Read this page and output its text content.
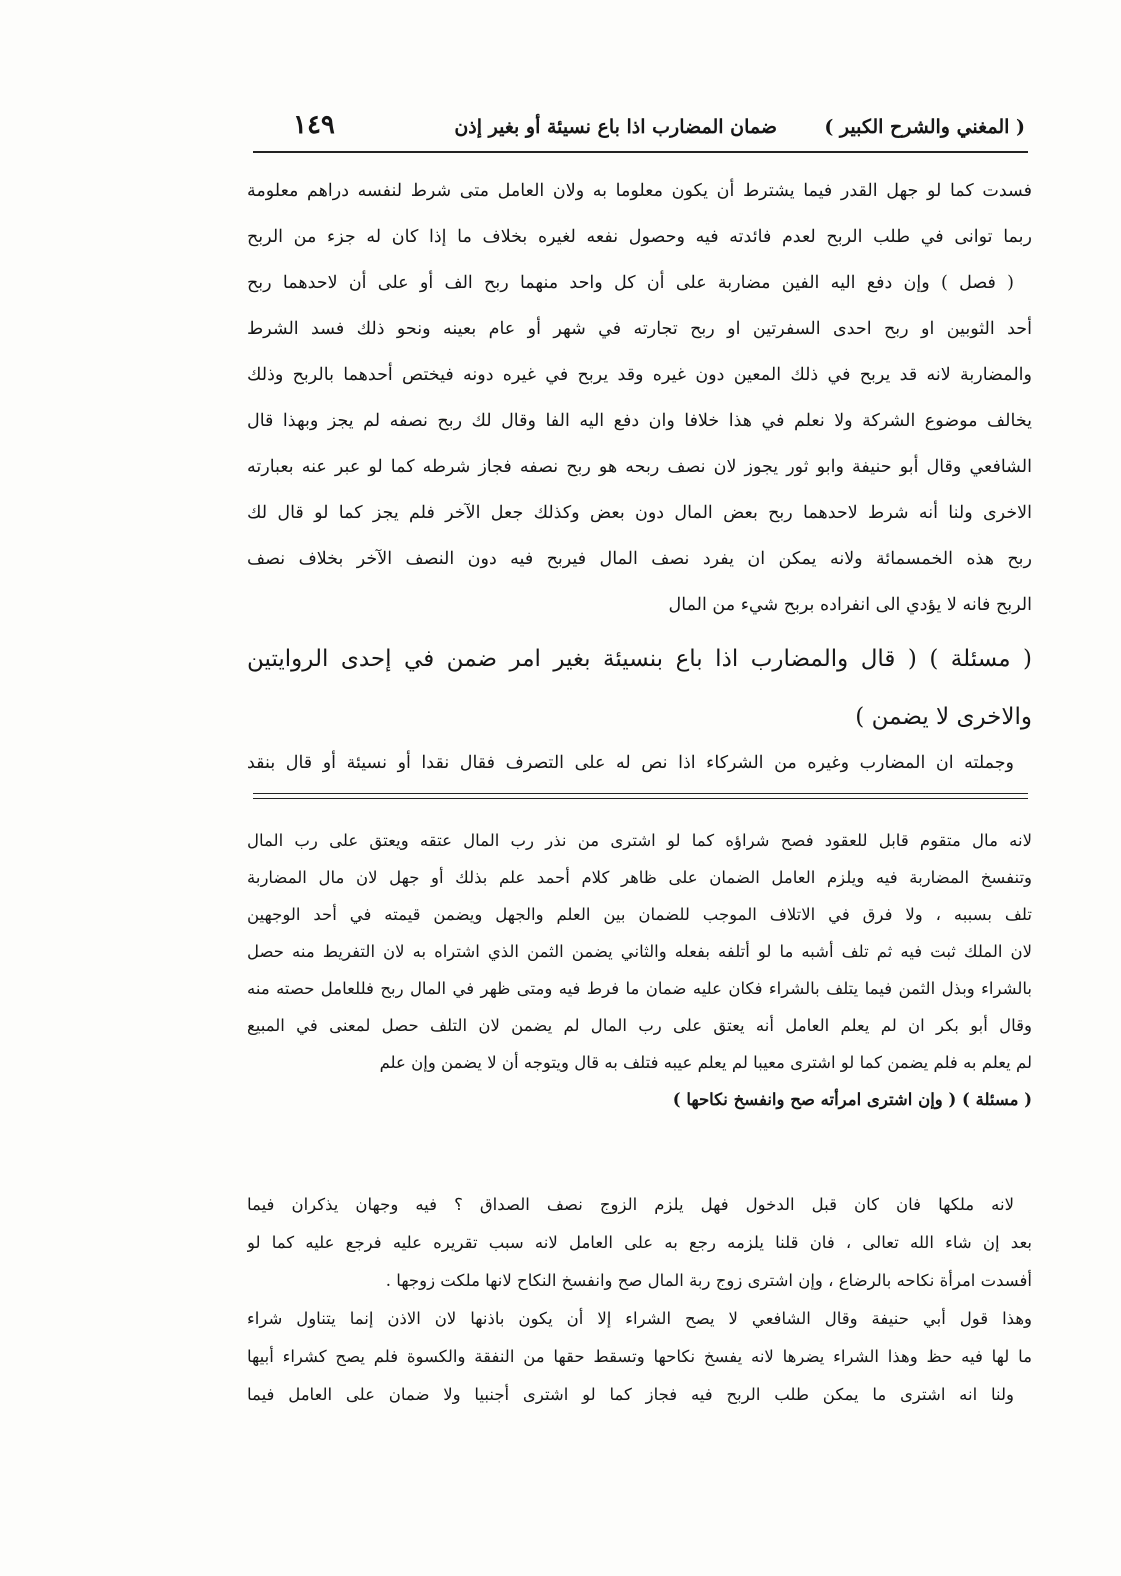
( المغني والشرح الكبير )
ضمان المضارب اذا باع نسيئة أو بغير إذن
١٤٩
فسدت كما لو جهل القدر فيما يشترط أن يكون معلوما به ولان العامل متى شرط لنفسه دراهم معلومة
ربما توانى في طلب الربح لعدم فائدته فيه وحصول نفعه لغيره بخلاف ما إذا كان له جزء من الربح
( فصل ) وإن دفع اليه الفين مضاربة على أن كل واحد منهما ربح الف أو على أن لاحدهما ربح
أحد الثوبين او ربح احدى السفرتين او ربح تجارته في شهر أو عام بعينه ونحو ذلك فسد الشرط
والمضاربة لانه قد يربح في ذلك المعين دون غيره وقد يربح في غيره دونه فيختص أحدهما بالربح وذلك
يخالف موضوع الشركة ولا نعلم في هذا خلافا وان دفع اليه الفا وقال لك ربح نصفه لم يجز وبهذا قال
الشافعي وقال أبو حنيفة وابو ثور يجوز لان نصف ربحه هو ربح نصفه فجاز شرطه كما لو عبر عنه بعبارته
الاخرى ولنا أنه شرط لاحدهما ربح بعض المال دون بعض وكذلك جعل الآخر فلم يجز كما لو قال لك
ربح هذه الخمسمائة ولانه يمكن ان يفرد نصف المال فيربح فيه دون النصف الآخر بخلاف نصف
الربح فانه لا يؤدي الى انفراده بربح شيء من المال
( مسئلة ) ( قال والمضارب اذا باع بنسيئة بغير امر ضمن في إحدى الروايتين
والاخرى لا يضمن )
وجملته ان المضارب وغيره من الشركاء اذا نص له على التصرف فقال نقدا أو نسيئة أو قال بنقد
لانه مال متقوم قابل للعقود فصح شراؤه كما لو اشترى من نذر رب المال عتقه ويعتق على رب المال
وتنفسخ المضاربة فيه ويلزم العامل الضمان على ظاهر كلام أحمد علم بذلك أو جهل لان مال المضاربة
تلف بسببه ، ولا فرق في الاتلاف الموجب للضمان بين العلم والجهل ويضمن قيمته في أحد الوجهين
لان الملك ثبت فيه ثم تلف أشبه ما لو أتلفه بفعله والثاني يضمن الثمن الذي اشتراه به لان التفريط منه حصل
بالشراء وبذل الثمن فيما يتلف بالشراء فكان عليه ضمان ما فرط فيه ومتى ظهر في المال ربح فللعامل حصته منه
وقال أبو بكر ان لم يعلم العامل أنه يعتق على رب المال لم يضمن لان التلف حصل لمعنى في المبيع
لم يعلم به فلم يضمن كما لو اشترى معيبا لم يعلم عيبه فتلف به قال ويتوجه أن لا يضمن وإن علم
( مسئلة ) ( وإن اشترى امرأته صح وانفسخ نكاحها )
لانه ملكها فان كان قبل الدخول فهل يلزم الزوج نصف الصداق ؟ فيه وجهان يذكران فيما
بعد إن شاء الله تعالى ، فان قلنا يلزمه رجع به على العامل لانه سبب تقريره عليه فرجع عليه كما لو
أفسدت امرأة نكاحه بالرضاع ، وإن اشترى زوج ربة المال صح وانفسخ النكاح لانها ملكت زوجها .
وهذا قول أبي حنيفة وقال الشافعي لا يصح الشراء إلا أن يكون باذنها لان الاذن إنما يتناول شراء
ما لها فيه حظ وهذا الشراء يضرها لانه يفسخ نكاحها وتسقط حقها من النفقة والكسوة فلم يصح كشراء أبيها
ولنا انه اشترى ما يمكن طلب الربح فيه فجاز كما لو اشترى أجنبيا ولا ضمان على العامل فيما
